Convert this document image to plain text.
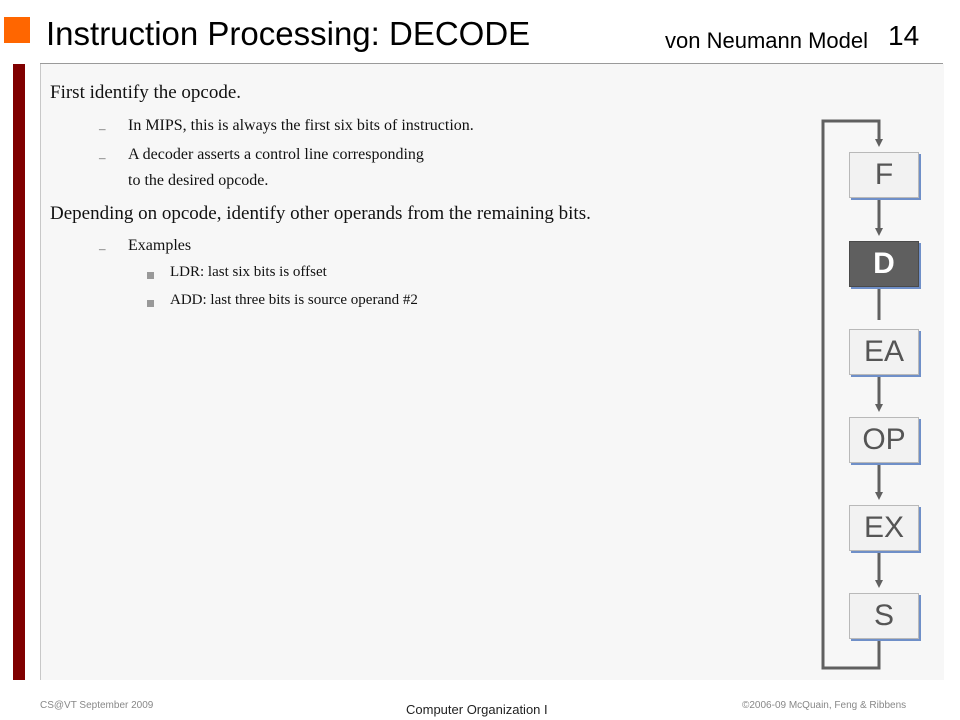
Instruction Processing: DECODE	von Neumann Model 14
First identify the opcode.
– In MIPS, this is always the first six bits of instruction.
– A decoder asserts a control line corresponding
to the desired opcode.
Depending on opcode, identify other operands from the remaining bits.
– Examples
LDR: last six bits is offset
ADD: last three bits is source operand #2
F
D
EA
OP
EX
S
CS@VT September 2009	Computer Organization I	©2006-09 McQuain, Feng & Ribbens
